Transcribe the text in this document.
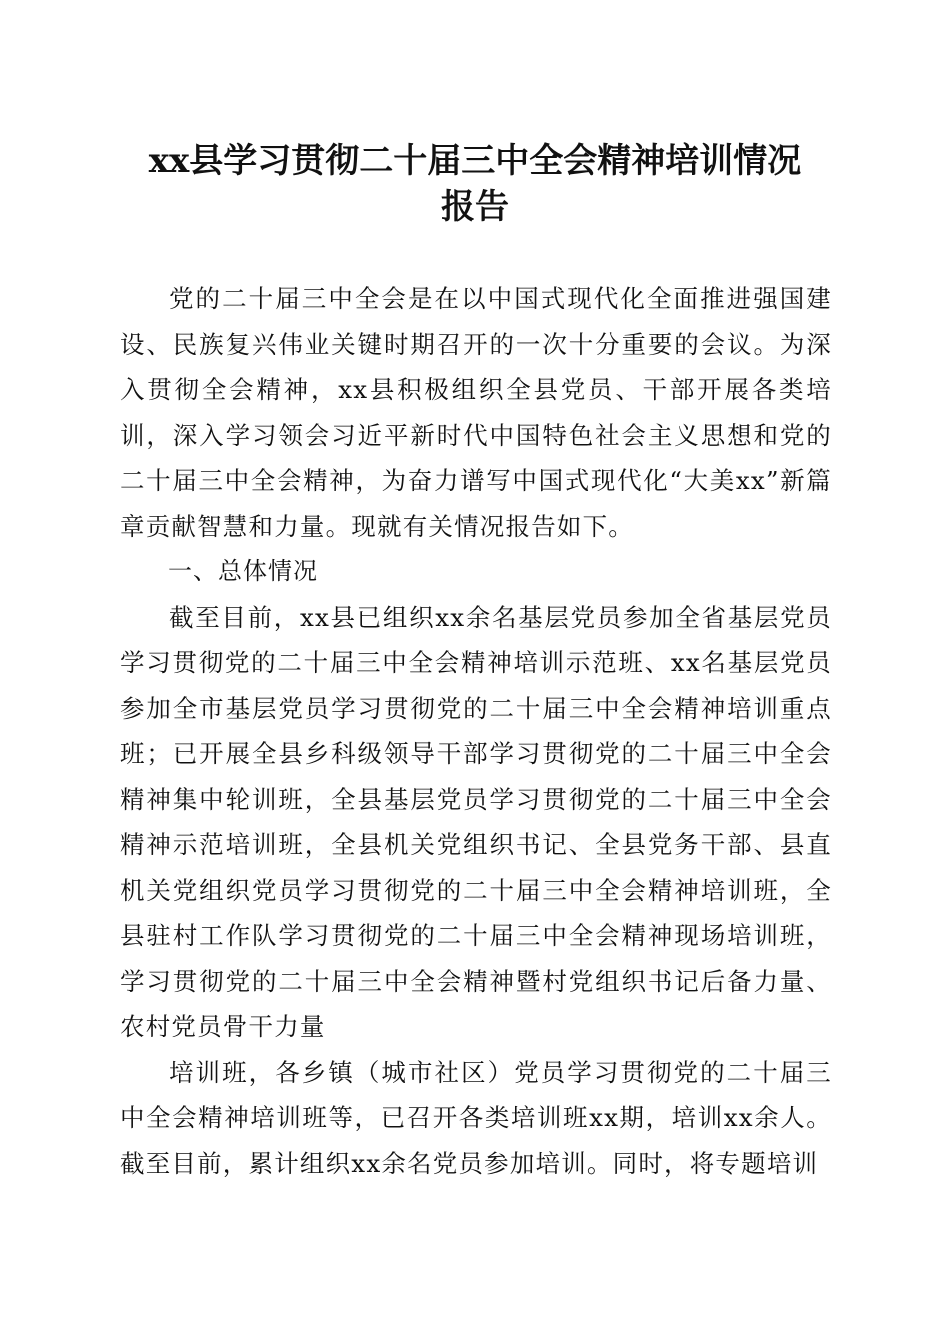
xx县学习贯彻二十届三中全会精神培训情况
报告

党的二十届三中全会是在以中国式现代化全面推进强国建设、民族复兴伟业关键时期召开的一次十分重要的会议。为深入贯彻全会精神，xx县积极组织全县党员、干部开展各类培训，深入学习领会习近平新时代中国特色社会主义思想和党的二十届三中全会精神，为奋力谱写中国式现代化“大美xx”新篇章贡献智慧和力量。现就有关情况报告如下。

一、总体情况

截至目前，xx县已组织xx余名基层党员参加全省基层党员学习贯彻党的二十届三中全会精神培训示范班、xx名基层党员参加全市基层党员学习贯彻党的二十届三中全会精神培训重点班；已开展全县乡科级领导干部学习贯彻党的二十届三中全会精神集中轮训班，全县基层党员学习贯彻党的二十届三中全会精神示范培训班，全县机关党组织书记、全县党务干部、县直机关党组织党员学习贯彻党的二十届三中全会精神培训班，全县驻村工作队学习贯彻党的二十届三中全会精神现场培训班，学习贯彻党的二十届三中全会精神暨村党组织书记后备力量、农村党员骨干力量

培训班，各乡镇（城市社区）党员学习贯彻党的二十届三中全会精神培训班等，已召开各类培训班xx期，培训xx余人。截至目前，累计组织xx余名党员参加培训。同时，将专题培训
